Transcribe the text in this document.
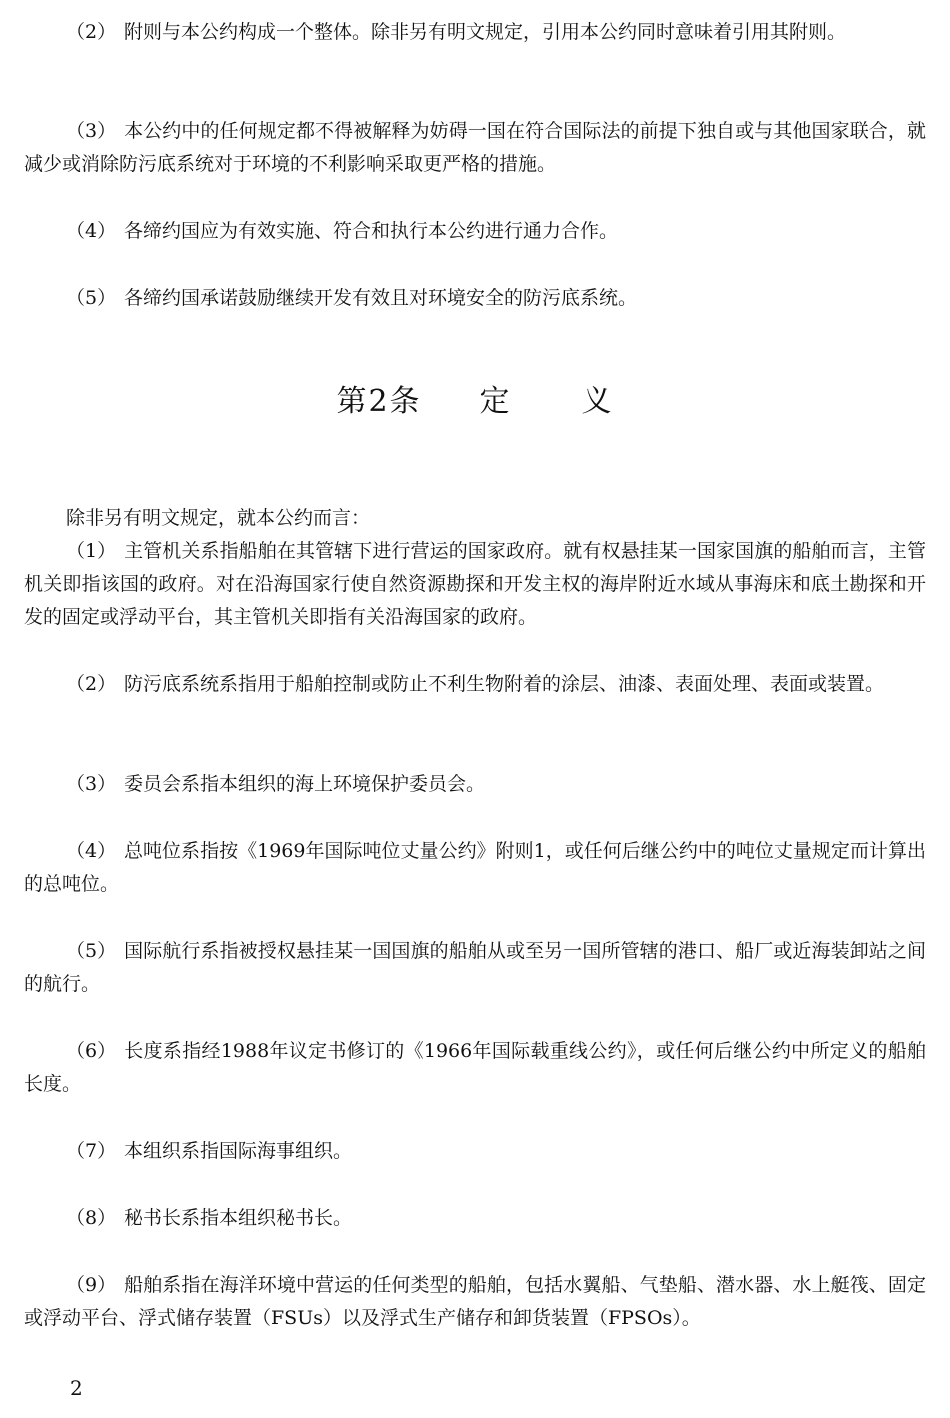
（2） 附则与本公约构成一个整体。除非另有明文规定，引用本公约同时意味着引用其附则。

（3） 本公约中的任何规定都不得被解释为妨碍一国在符合国际法的前提下独自或与其他国家联合，就减少或消除防污底系统对于环境的不利影响采取更严格的措施。

（4） 各缔约国应为有效实施、符合和执行本公约进行通力合作。

（5） 各缔约国承诺鼓励继续开发有效且对环境安全的防污底系统。

第2条 定 义

除非另有明文规定，就本公约而言：

（1） 主管机关系指船舶在其管辖下进行营运的国家政府。就有权悬挂某一国家国旗的船舶而言，主管机关即指该国的政府。对在沿海国家行使自然资源勘探和开发主权的海岸附近水域从事海床和底土勘探和开发的固定或浮动平台，其主管机关即指有关沿海国家的政府。

（2） 防污底系统系指用于船舶控制或防止不利生物附着的涂层、油漆、表面处理、表面或装置。

（3） 委员会系指本组织的海上环境保护委员会。

（4） 总吨位系指按《1969年国际吨位丈量公约》附则1，或任何后继公约中的吨位丈量规定而计算出的总吨位。

（5） 国际航行系指被授权悬挂某一国国旗的船舶从或至另一国所管辖的港口、船厂或近海装卸站之间的航行。

（6） 长度系指经1988年议定书修订的《1966年国际载重线公约》，或任何后继公约中所定义的船舶长度。

（7） 本组织系指国际海事组织。

（8） 秘书长系指本组织秘书长。

（9） 船舶系指在海洋环境中营运的任何类型的船舶，包括水翼船、气垫船、潜水器、水上艇筏、固定或浮动平台、浮式储存装置（FSUs）以及浮式生产储存和卸货装置（FPSOs）。

2
